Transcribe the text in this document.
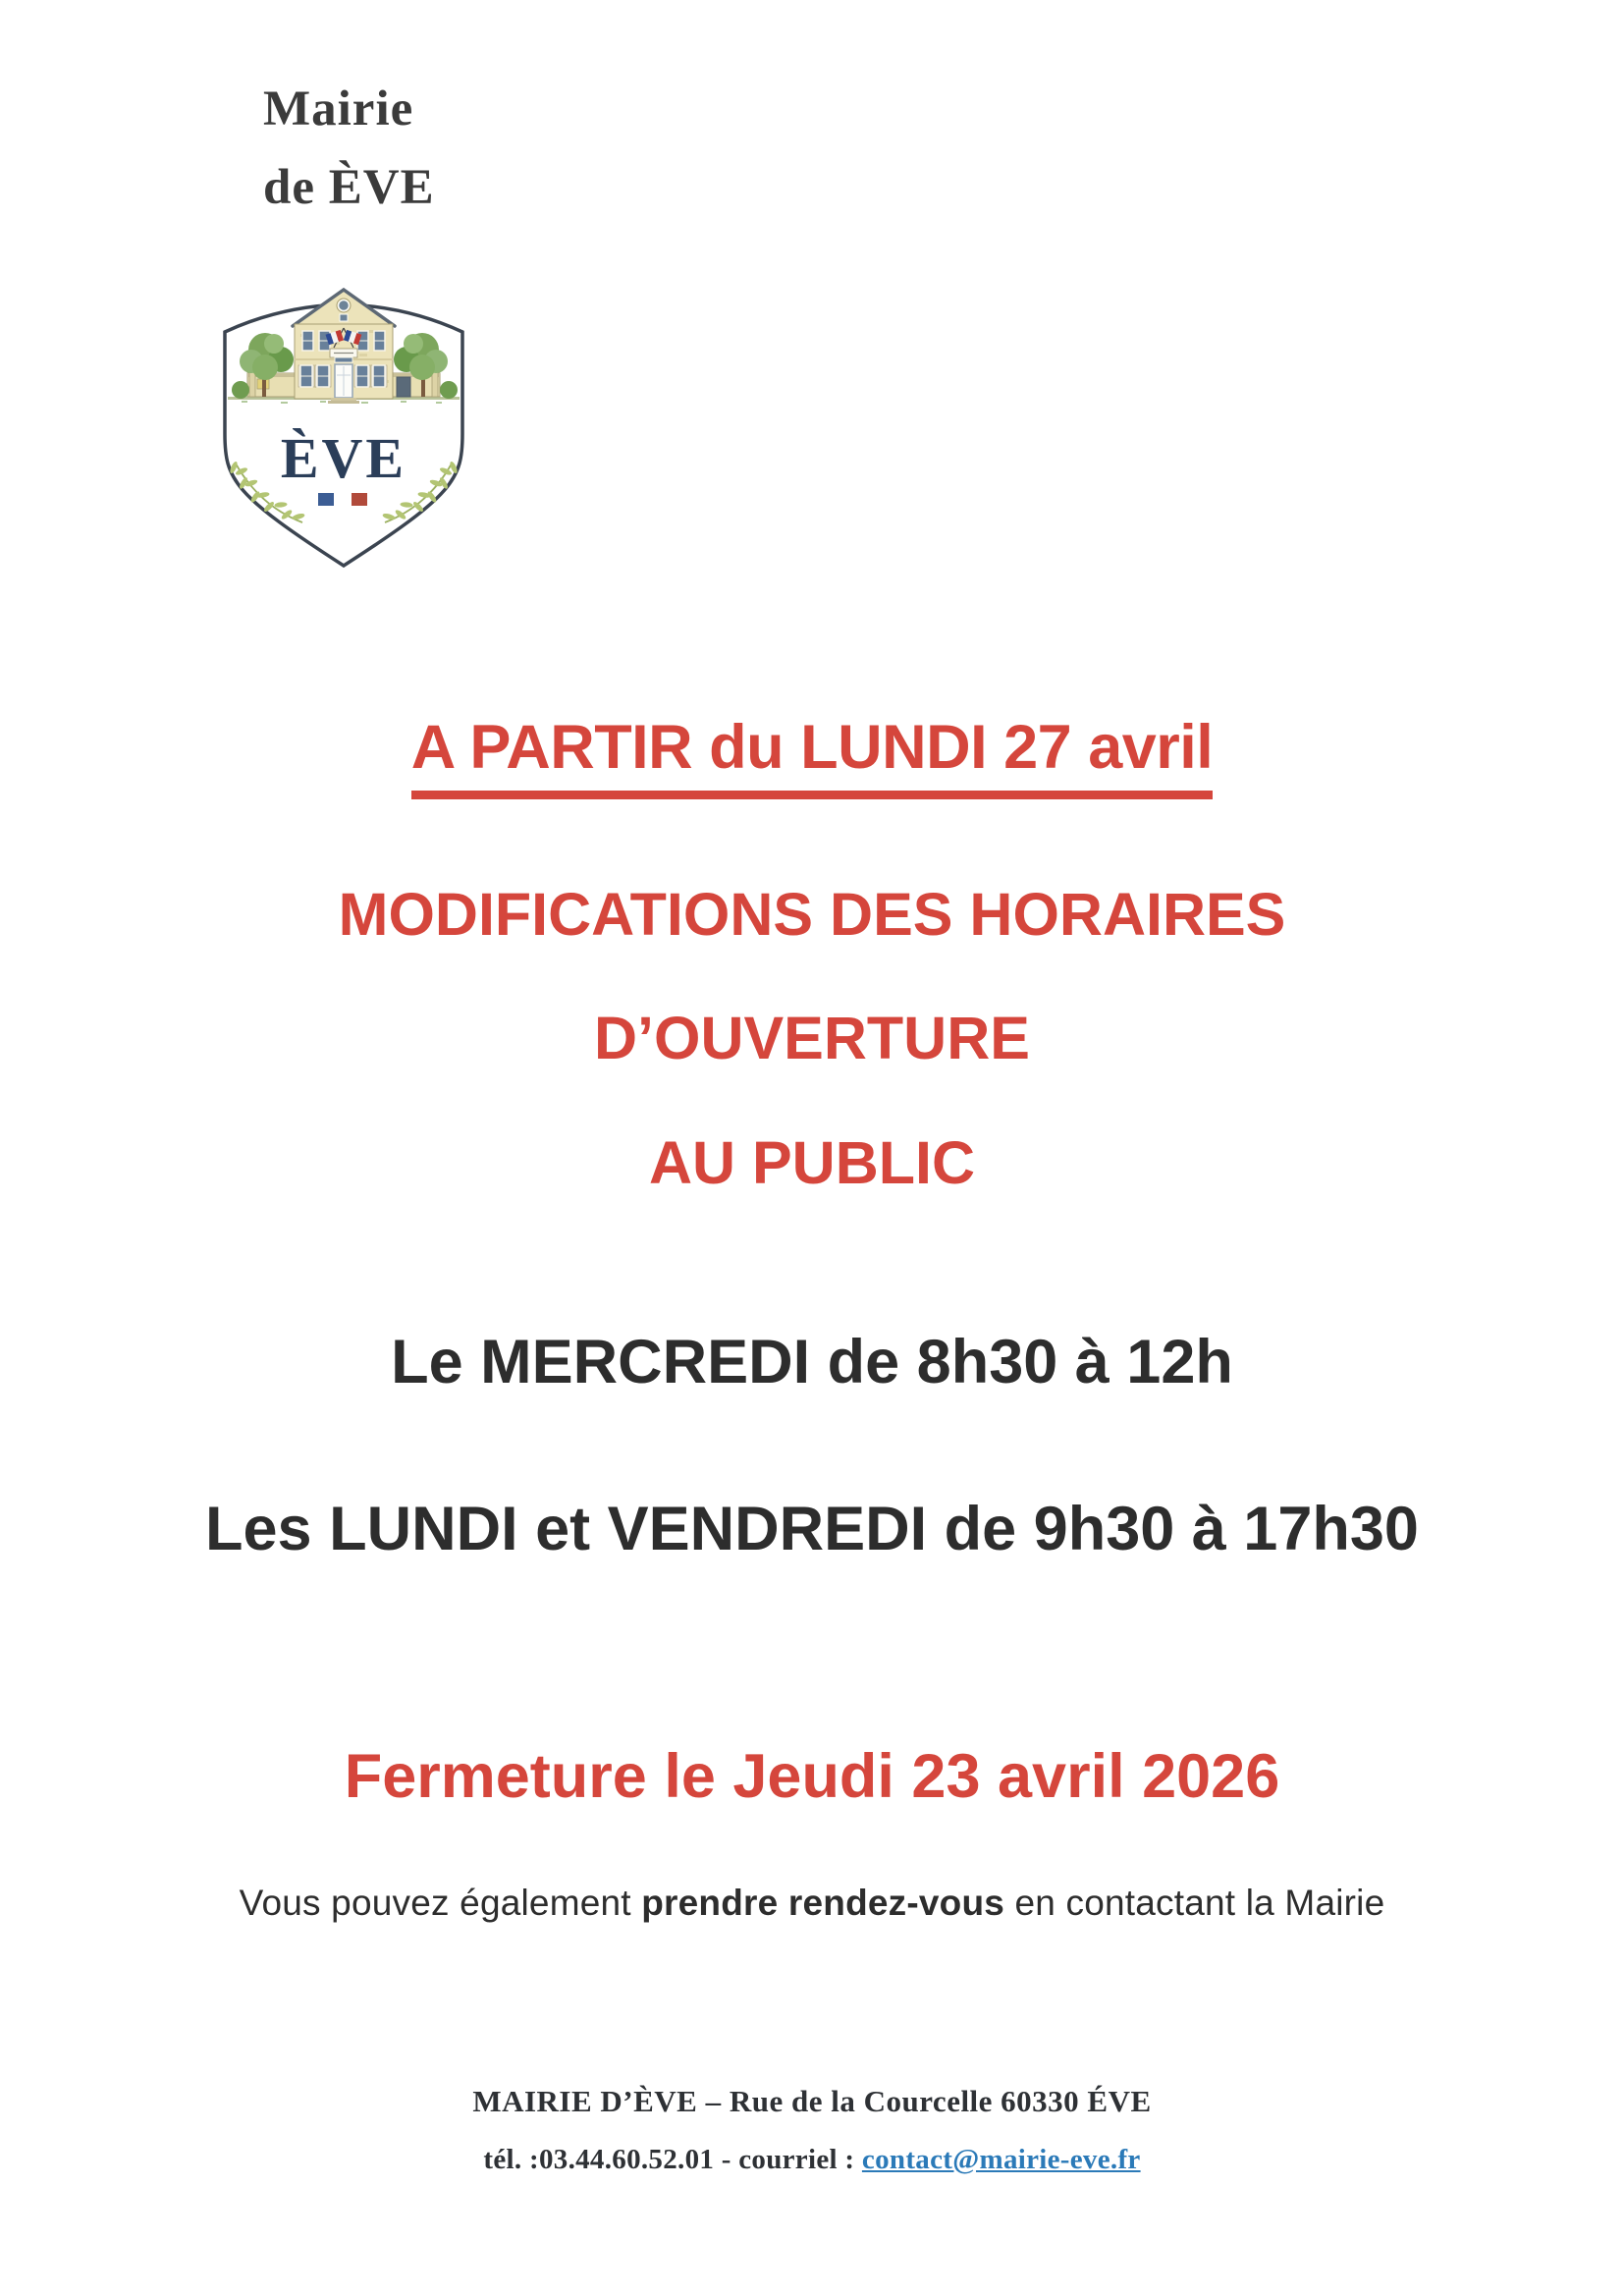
Mairie
de ÈVE
ÈVE
A PARTIR du LUNDI 27 avril
MODIFICATIONS DES HORAIRES
D’OUVERTURE
AU PUBLIC
Le MERCREDI de 8h30 à 12h
Les LUNDI et VENDREDI de 9h30 à 17h30
Fermeture le Jeudi 23 avril 2026
Vous pouvez également prendre rendez-vous en contactant la Mairie
MAIRIE D’ÈVE – Rue de la Courcelle 60330 ÉVE
tél. :03.44.60.52.01 - courriel : contact@mairie-eve.fr
